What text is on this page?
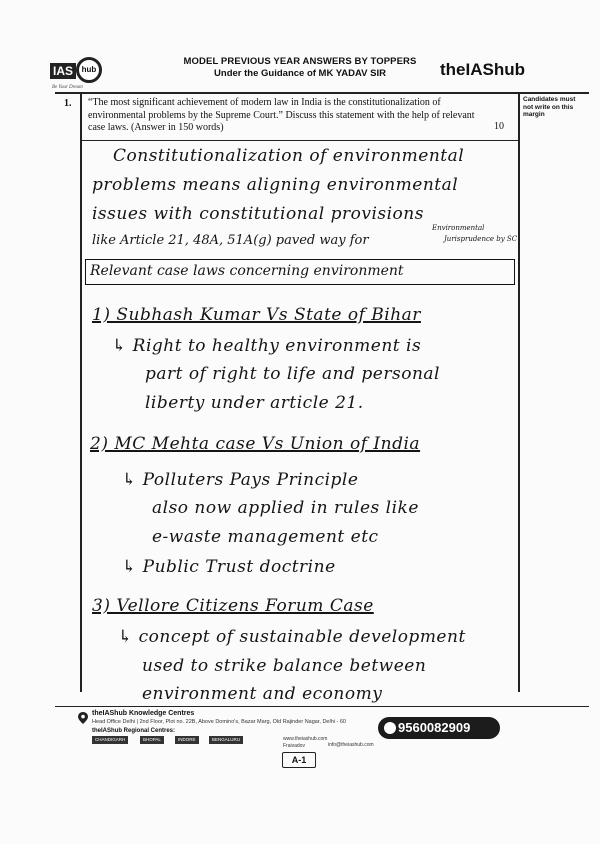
IAS	hub
Be Your Dream
MODEL PREVIOUS YEAR ANSWERS BY TOPPERS
Under the Guidance of MK YADAV SIR	theIAShub
1. “The most significant achievement of modern law in India is the constitutionalization of environmental problems by the Supreme Court.” Discuss this statement with the help of relevant case laws. (Answer in 150 words)	10
Candidates must not write on this margin
Constitutionalization of environmental
problems means aligning environmental
issues with constitutional provisions
like Article 21, 48A, 51A(g) paved way for
Environmental
Jurisprudence by SC
Relevant case laws concerning environment
1) Subhash Kumar Vs State of Bihar
↳ Right to healthy environment is
part of right to life and personal
liberty under article 21.
2) MC Mehta case Vs Union of India
↳ Polluters Pays Principle
also now applied in rules like
e-waste management etc
↳ Public Trust doctrine
3) Vellore Citizens Forum Case
↳ concept of sustainable development
used to strike balance between
environment and economy
theIAShub Knowledge Centres
Head Office Delhi | 2nd Floor, Plot no. 22B, Above Domino's, Bazar Marg, Old Rajinder Nagar, Delhi - 60
theIAShub Regional Centres:
CHANDIGARH	BHOPAL	INDORE	BENGALURU	www.theiashub.com
Fraivadov	info@theiashub.com
9560082909
A-1
